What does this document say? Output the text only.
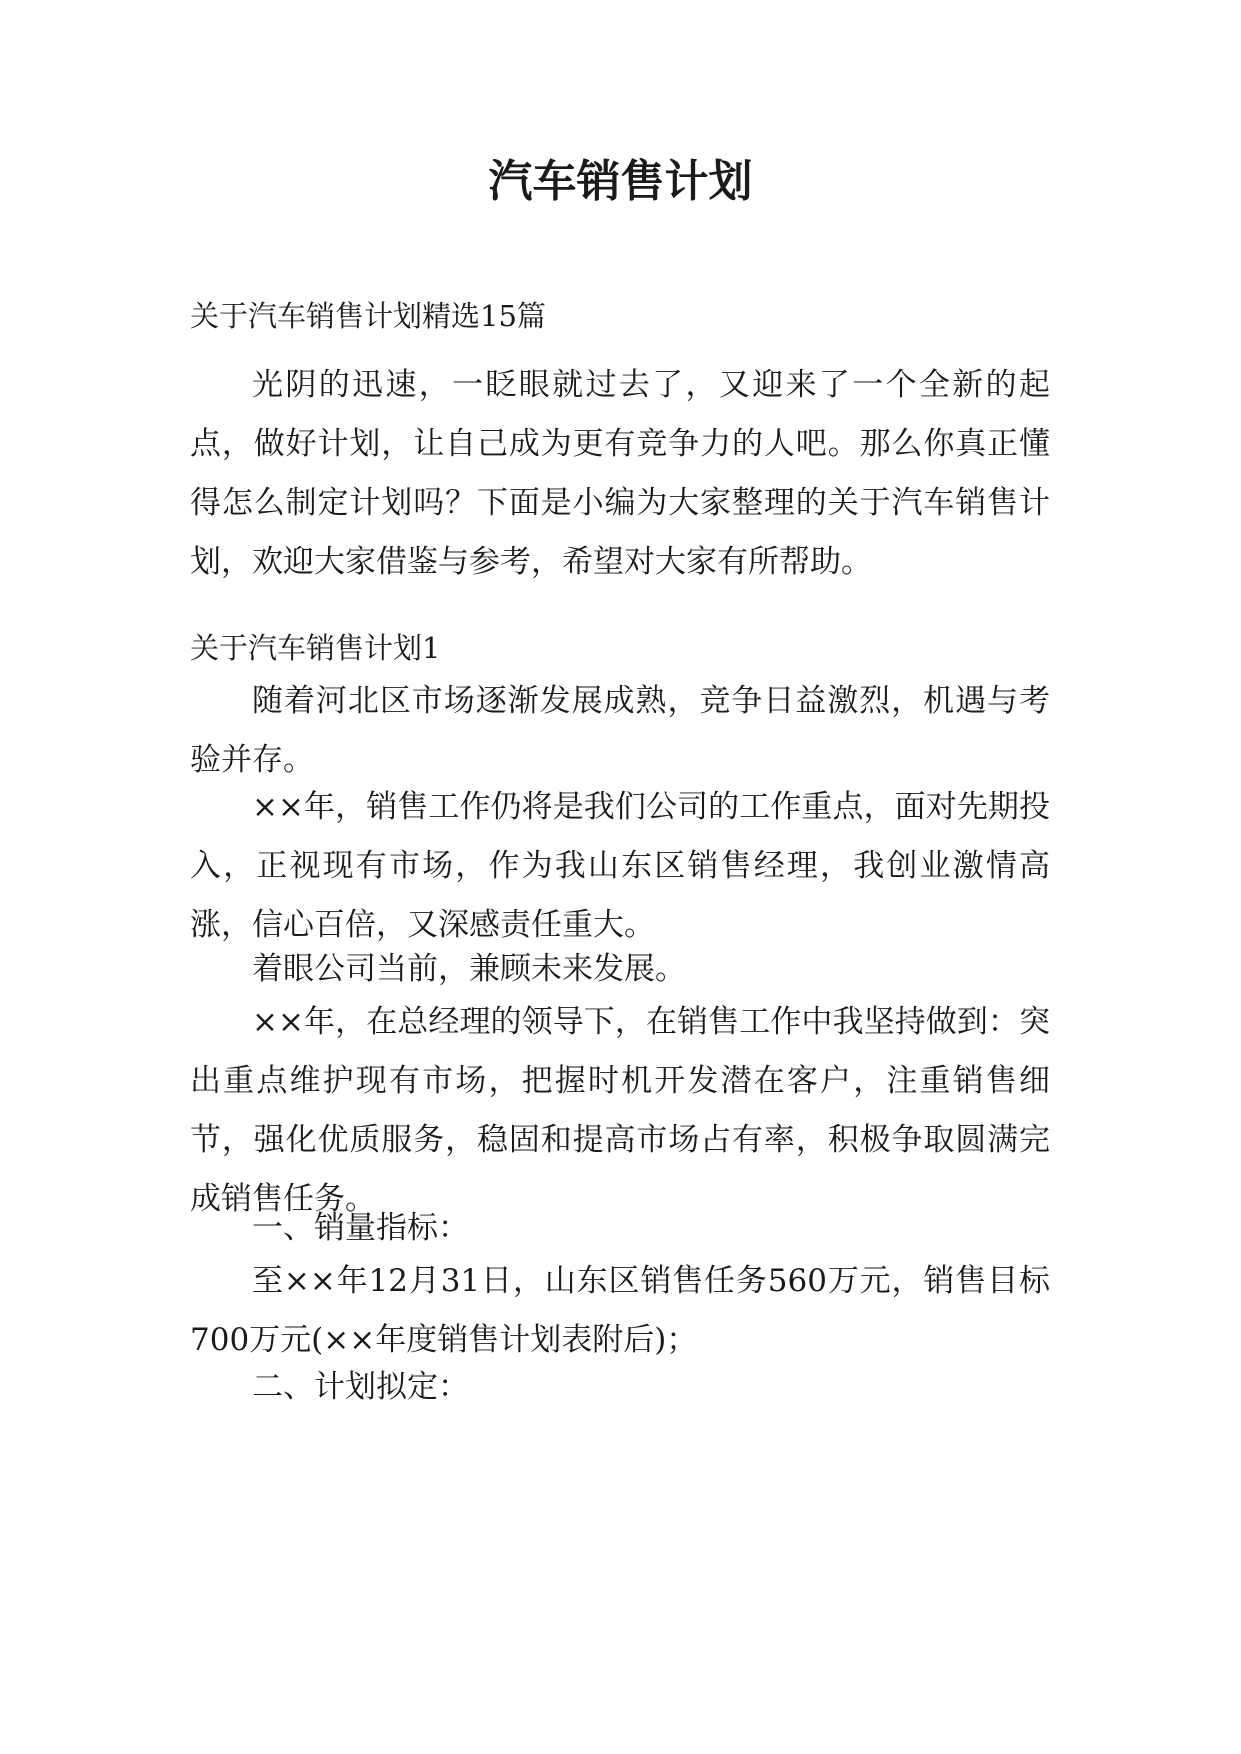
汽车销售计划

关于汽车销售计划精选15篇

光阴的迅速，一眨眼就过去了，又迎来了一个全新的起点，做好计划，让自己成为更有竞争力的人吧。那么你真正懂得怎么制定计划吗？下面是小编为大家整理的关于汽车销售计划，欢迎大家借鉴与参考，希望对大家有所帮助。

关于汽车销售计划1

随着河北区市场逐渐发展成熟，竞争日益激烈，机遇与考验并存。

××年，销售工作仍将是我们公司的工作重点，面对先期投入，正视现有市场，作为我山东区销售经理，我创业激情高涨，信心百倍，又深感责任重大。

着眼公司当前，兼顾未来发展。

××年，在总经理的领导下，在销售工作中我坚持做到：突出重点维护现有市场，把握时机开发潜在客户，注重销售细节，强化优质服务，稳固和提高市场占有率，积极争取圆满完成销售任务。

一、销量指标：

至××年12月31日，山东区销售任务560万元，销售目标700万元(××年度销售计划表附后)；

二、计划拟定：
